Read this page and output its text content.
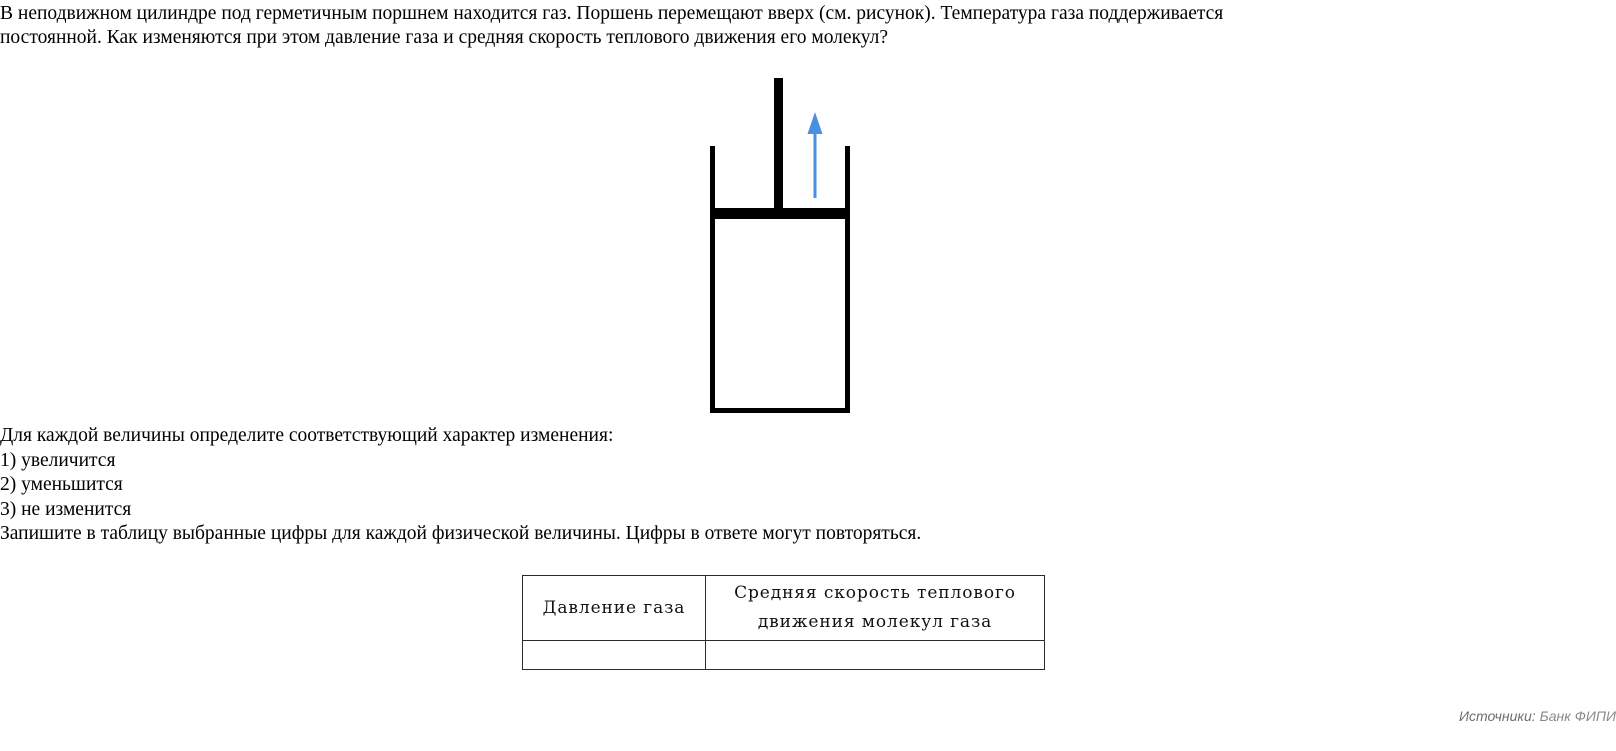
В неподвижном цилиндре под герметичным поршнем находится газ. Поршень перемещают вверх (см. рисунок). Температура газа поддерживается

постоянной. Как изменяются при этом давление газа и средняя скорость теплового движения его молекул?

Для каждой величины определите соответствующий характер изменения:

1) увеличится

2) уменьшится

3) не изменится

Запишите в таблицу выбранные цифры для каждой физической величины. Цифры в ответе могут повторяться.

Давление газа	Средняя скорость теплового
движения молекул газа

Источники: Банк ФИПИ
